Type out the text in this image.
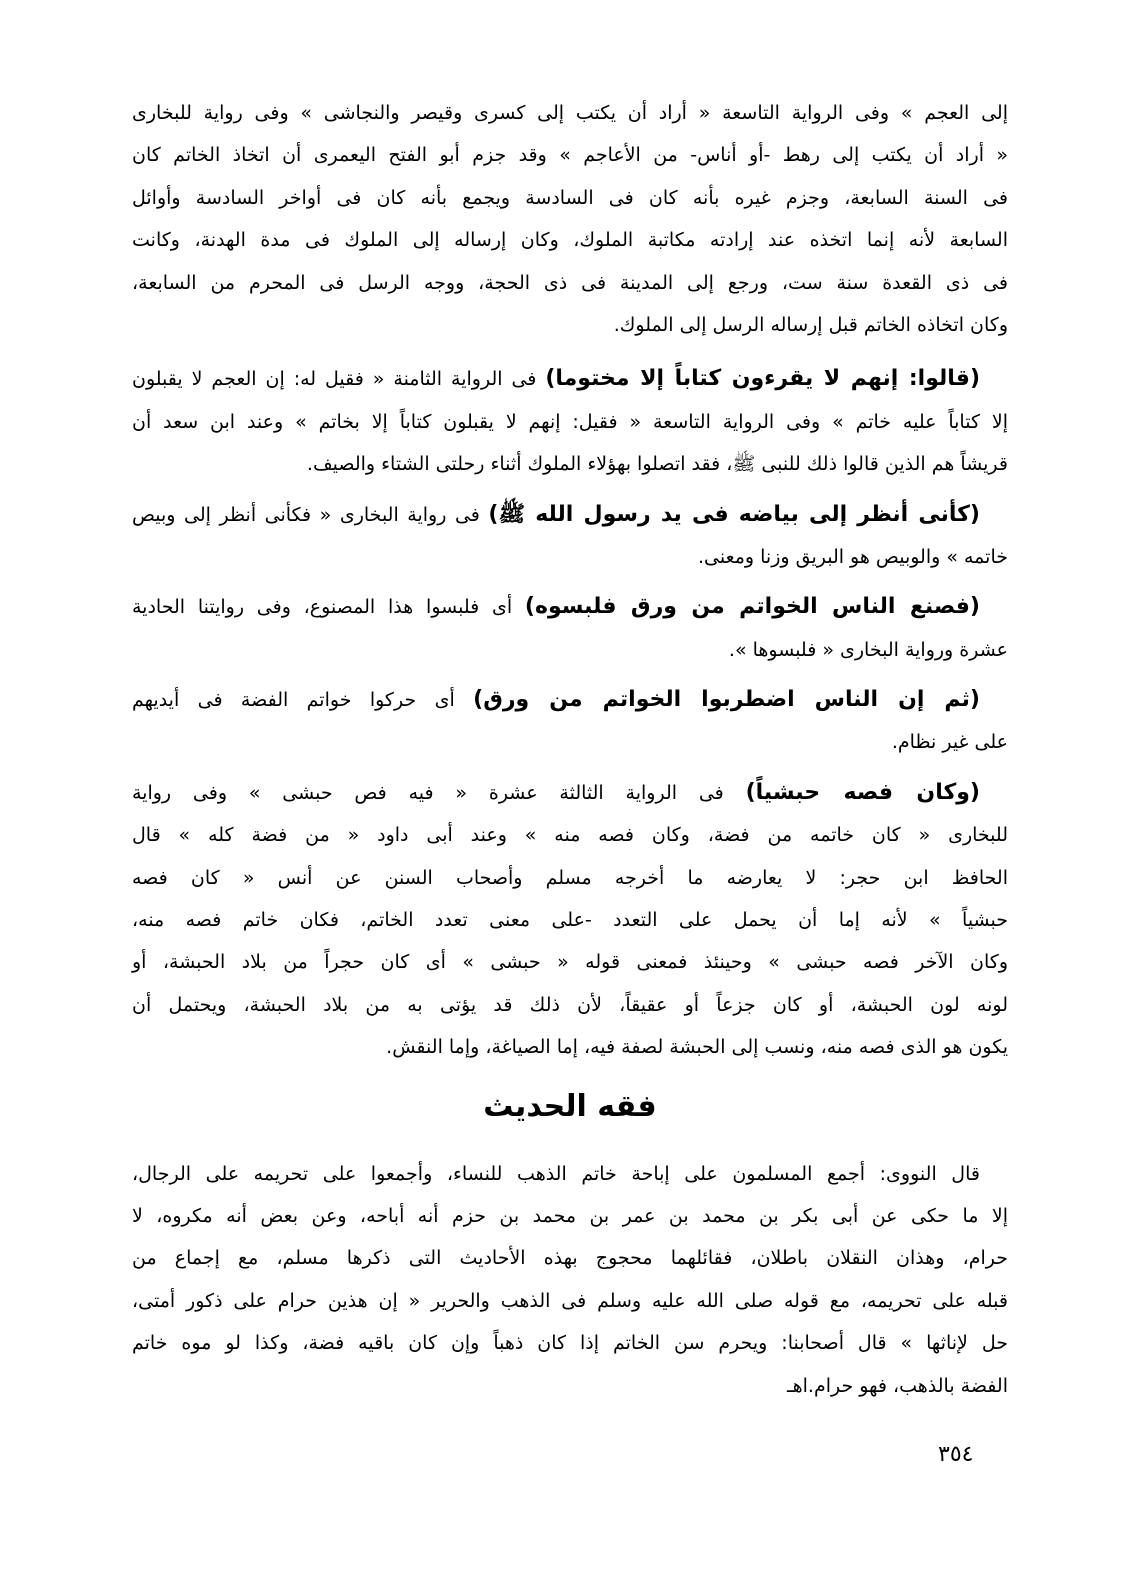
إلى العجم » وفى الرواية التاسعة « أراد أن يكتب إلى كسرى وقيصر والنجاشى » وفى رواية للبخارى
« أراد أن يكتب إلى رهط -أو أناس- من الأعاجم » وقد جزم أبو الفتح اليعمرى أن اتخاذ الخاتم كان
فى السنة السابعة، وجزم غيره بأنه كان فى السادسة ويجمع بأنه كان فى أواخر السادسة وأوائل
السابعة لأنه إنما اتخذه عند إرادته مكاتبة الملوك، وكان إرساله إلى الملوك فى مدة الهدنة، وكانت
فى ذى القعدة سنة ست، ورجع إلى المدينة فى ذى الحجة، ووجه الرسل فى المحرم من السابعة،
وكان اتخاذه الخاتم قبل إرساله الرسل إلى الملوك.

(قالوا: إنهم لا يقرءون كتاباً إلا مختوما) فى الرواية الثامنة « فقيل له: إن العجم لا يقبلون
إلا كتاباً عليه خاتم » وفى الرواية التاسعة « فقيل: إنهم لا يقبلون كتاباً إلا بخاتم » وعند ابن سعد أن
قريشاً هم الذين قالوا ذلك للنبى ﷺ، فقد اتصلوا بهؤلاء الملوك أثناء رحلتى الشتاء والصيف.

(كأنى أنظر إلى بياضه فى يد رسول الله ﷺ) فى رواية البخارى « فكأنى أنظر إلى وبيص
خاتمه » والوبيص هو البريق وزنا ومعنى.

(فصنع الناس الخواتم من ورق فلبسوه) أى فلبسوا هذا المصنوع، وفى روايتنا الحادية
عشرة ورواية البخارى « فلبسوها ».

(ثم إن الناس اضطربوا الخواتم من ورق) أى حركوا خواتم الفضة فى أيديهم
على غير نظام.

(وكان فصه حبشياً) فى الرواية الثالثة عشرة « فيه فص حبشى » وفى رواية
للبخارى « كان خاتمه من فضة، وكان فصه منه » وعند أبى داود « من فضة كله » قال
الحافظ ابن حجر: لا يعارضه ما أخرجه مسلم وأصحاب السنن عن أنس « كان فصه
حبشياً » لأنه إما أن يحمل على التعدد -على معنى تعدد الخاتم، فكان خاتم فصه منه،
وكان الآخر فصه حبشى » وحينئذ فمعنى قوله « حبشى » أى كان حجراً من بلاد الحبشة، أو
لونه لون الحبشة، أو كان جزعاً أو عقيقاً، لأن ذلك قد يؤتى به من بلاد الحبشة، ويحتمل أن
يكون هو الذى فصه منه، ونسب إلى الحبشة لصفة فيه، إما الصياغة، وإما النقش.

فقه الحديث

قال النووى: أجمع المسلمون على إباحة خاتم الذهب للنساء، وأجمعوا على تحريمه على الرجال،
إلا ما حكى عن أبى بكر بن محمد بن عمر بن محمد بن حزم أنه أباحه، وعن بعض أنه مكروه، لا
حرام، وهذان النقلان باطلان، فقائلهما محجوج بهذه الأحاديث التى ذكرها مسلم، مع إجماع من
قبله على تحريمه، مع قوله صلى الله عليه وسلم فى الذهب والحرير « إن هذين حرام على ذكور أمتى،
حل لإناثها » قال أصحابنا: ويحرم سن الخاتم إذا كان ذهباً وإن كان باقيه فضة، وكذا لو موه خاتم
الفضة بالذهب، فهو حرام.اهـ

٣٥٤
